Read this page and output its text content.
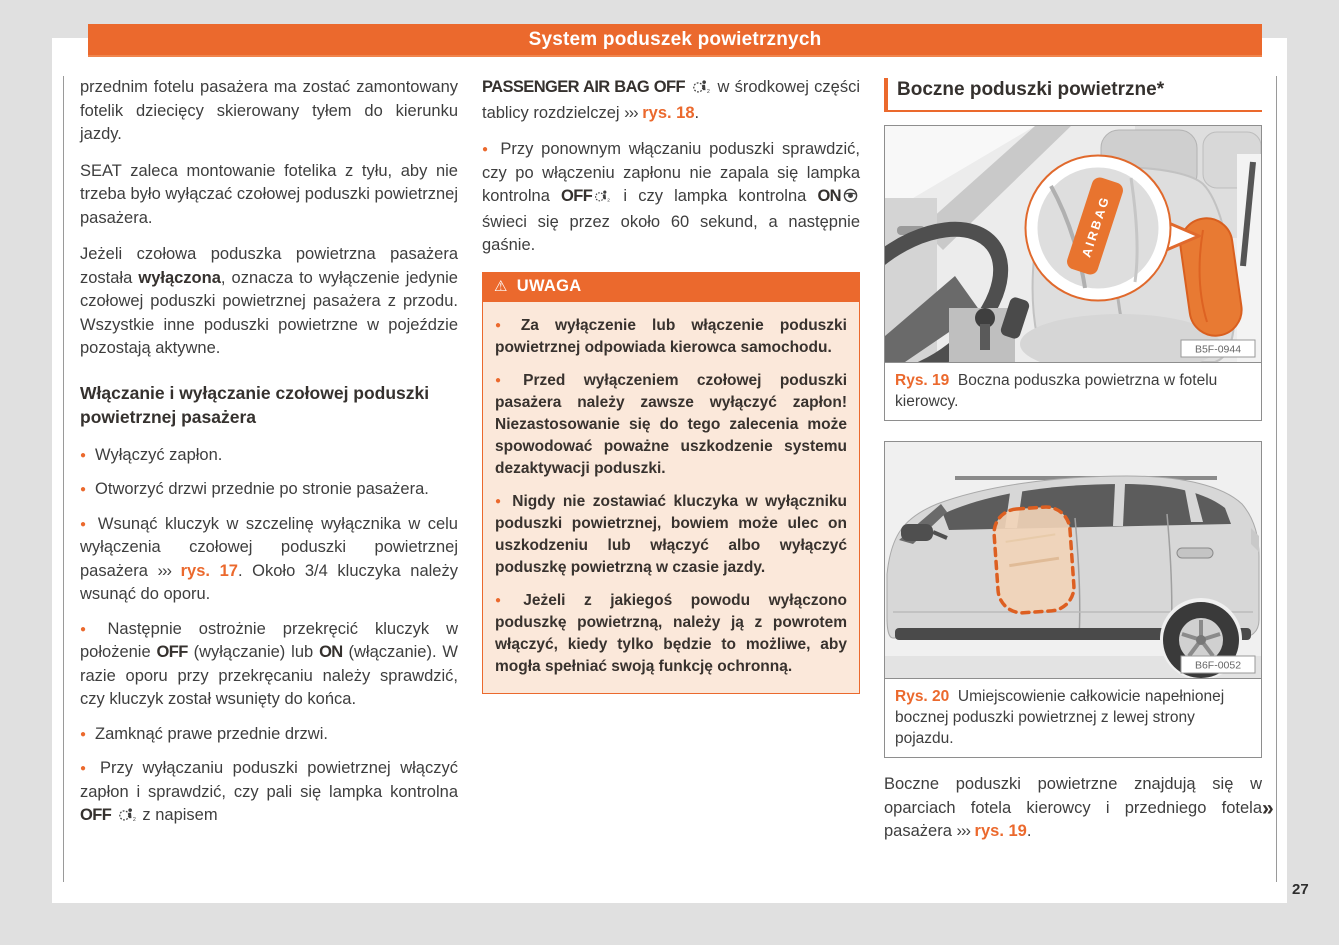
System poduszek powietrznych

przednim fotelu pasażera ma zostać zamontowany fotelik dziecięcy skierowany tyłem do kierunku jazdy.

SEAT zaleca montowanie fotelika z tyłu, aby nie trzeba było wyłączać czołowej poduszki powietrznej pasażera.

Jeżeli czołowa poduszka powietrzna pasażera została wyłączona, oznacza to wyłączenie jedynie czołowej poduszki powietrznej pasażera z przodu. Wszystkie inne poduszki powietrzne w pojeździe pozostają aktywne.

Włączanie i wyłączanie czołowej poduszki powietrznej pasażera

● Wyłączyć zapłon.

● Otworzyć drzwi przednie po stronie pasażera.

● Wsunąć kluczyk w szczelinę wyłącznika w celu wyłączenia czołowej poduszki powietrznej pasażera ››› rys. 17. Około 3/4 kluczyka należy wsunąć do oporu.

● Następnie ostrożnie przekręcić kluczyk w położenie OFF (wyłączanie) lub ON (włączanie). W razie oporu przy przekręcaniu należy sprawdzić, czy kluczyk został wsunięty do końca.

● Zamknąć prawe przednie drzwi.

● Przy wyłączaniu poduszki powietrznej włączyć zapłon i sprawdzić, czy pali się lampka kontrolna OFF	2 z napisem

PASSENGER AIR BAG OFF	2 w środkowej części tablicy rozdzielczej ››› rys. 18.

● Przy ponownym włączaniu poduszki sprawdzić, czy po włączeniu zapłonu nie zapala się lampka kontrolna OFF	2 i czy lampka kontrolna ON świeci się przez około 60 sekund, a następnie gaśnie.

⚠ UWAGA

● Za wyłączenie lub włączenie poduszki powietrznej odpowiada kierowca samochodu.

● Przed wyłączeniem czołowej poduszki pasażera należy zawsze wyłączyć zapłon! Niezastosowanie się do tego zalecenia może spowodować poważne uszkodzenie systemu dezaktywacji poduszki.

● Nigdy nie zostawiać kluczyka w wyłączniku poduszki powietrznej, bowiem może ulec on uszkodzeniu lub włączyć albo wyłączyć poduszkę powietrzną w czasie jazdy.

● Jeżeli z jakiegoś powodu wyłączono poduszkę powietrzną, należy ją z powrotem włączyć, kiedy tylko będzie to możliwe, aby mogła spełniać swoją funkcję ochronną.

Boczne poduszki powietrzne*
AIRBAG
B5F-0944
Rys. 19 Boczna poduszka powietrzna w fotelu kierowcy.
B6F-0052
Rys. 20 Umiejscowienie całkowicie napełnionej bocznej poduszki powietrznej z lewej strony pojazdu.

Boczne poduszki powietrzne znajdują się w oparciach fotela kierowcy i przedniego fotela pasażera ››› rys. 19.

»
27
